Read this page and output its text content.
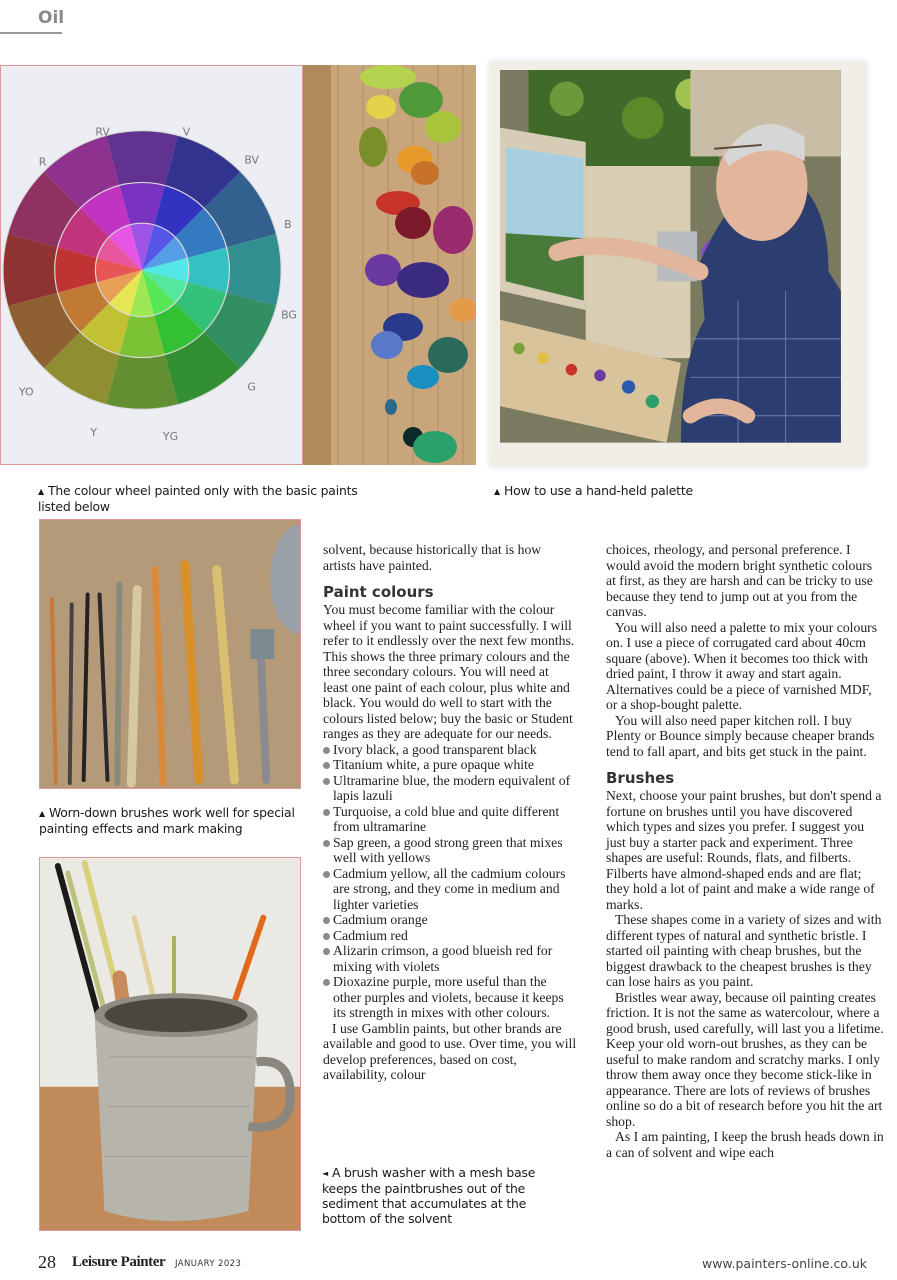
Oil
RV	V
BV
B
BG
G
YG
Y
YO
R
▲ The colour wheel painted only with the basic paints listed below
▲ How to use a hand-held palette
▲ Worn-down brushes work well for special painting effects and mark making
◄ A brush washer with a mesh base keeps the paintbrushes out of the sediment that accumulates at the bottom of the solvent

solvent, because historically that is how artists have painted.

Paint colours

You must become familiar with the colour wheel if you want to paint successfully. I will refer to it endlessly over the next few months. This shows the three primary colours and the three secondary colours. You will need at least one paint of each colour, plus white and black. You would do well to start with the colours listed below; buy the basic or Student ranges as they are adequate for our needs.

Ivory black, a good transparent black
Titanium white, a pure opaque white
Ultramarine blue, the modern equivalent of lapis lazuli
Turquoise, a cold blue and quite different from ultramarine
Sap green, a good strong green that mixes well with yellows
Cadmium yellow, all the cadmium colours are strong, and they come in medium and lighter varieties
Cadmium orange
Cadmium red
Alizarin crimson, a good blueish red for mixing with violets
Dioxazine purple, more useful than the other purples and violets, because it keeps its strength in mixes with other colours.

I use Gamblin paints, but other brands are available and good to use. Over time, you will develop preferences, based on cost, availability, colour

choices, rheology, and personal preference. I would avoid the modern bright synthetic colours at first, as they are harsh and can be tricky to use because they tend to jump out at you from the canvas.

You will also need a palette to mix your colours on. I use a piece of corrugated card about 40cm square (above). When it becomes too thick with dried paint, I throw it away and start again. Alternatives could be a piece of varnished MDF, or a shop-bought palette.

You will also need paper kitchen roll. I buy Plenty or Bounce simply because cheaper brands tend to fall apart, and bits get stuck in the paint.

Brushes

Next, choose your paint brushes, but don't spend a fortune on brushes until you have discovered which types and sizes you prefer. I suggest you just buy a starter pack and experiment. Three shapes are useful: Rounds, flats, and filberts. Filberts have almond-shaped ends and are flat; they hold a lot of paint and make a wide range of marks.

These shapes come in a variety of sizes and with different types of natural and synthetic bristle. I started oil painting with cheap brushes, but the biggest drawback to the cheapest brushes is they can lose hairs as you paint.

Bristles wear away, because oil painting creates friction. It is not the same as watercolour, where a good brush, used carefully, will last you a lifetime. Keep your old worn-out brushes, as they can be useful to make random and scratchy marks. I only throw them away once they become stick-like in appearance. There are lots of reviews of brushes online so do a bit of research before you hit the art shop.

As I am painting, I keep the brush heads down in a can of solvent and wipe each

28 Leisure Painter JANUARY 2023	www.painters-online.co.uk
